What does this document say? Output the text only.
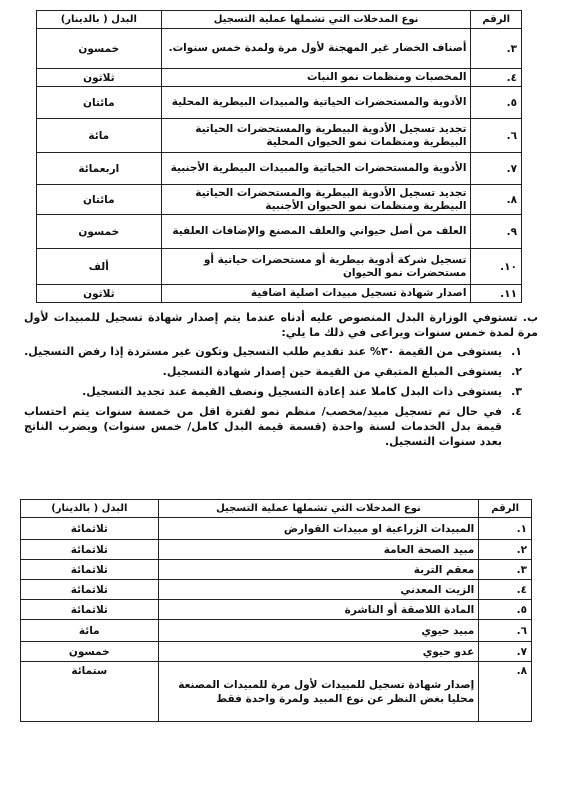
الرقم	نوع المدخلات التي تشملها عملية التسجيل	البدل ( بالدينار)
٣.	أصناف الخضار غير المهجنة لأول مرة ولمدة خمس سنوات.	خمسون
٤.	المخصبات ومنظمات نمو النبات	ثلاثون
٥.	الأدوية والمستحضرات الحياتية والمبيدات البيطرية المحلية	مائتان
٦.	تجديد تسجيل الأدوية البيطرية والمستحضرات الحياتية البيطرية ومنظمات نمو الحيوان المحلية	مائة
٧.	الأدوية والمستحضرات الحياتية والمبيدات البيطرية الأجنبية	اربعمائة
٨.	تجديد تسجيل الأدوية البيطرية والمستحضرات الحياتية البيطرية ومنظمات نمو الحيوان الأجنبية	مائتان
٩.	العلف من أصل حيواني والعلف المصنع والإضافات العلفية	خمسون
١٠.	تسجيل شركة أدوية بيطرية أو مستحضرات حياتية أو مستحضرات نمو الحيوان	ألف
١١.	اصدار شهادة تسجيل مبيدات اصلية اضافية	ثلاثون

ب. تستوفي الوزارة البدل المنصوص عليه أدناه عندما يتم إصدار شهادة تسجيل للمبيدات لأول مرة لمدة خمس سنوات ويراعى في ذلك ما يلي:

١.
يستوفى من القيمة ٣٠% عند تقديم طلب التسجيل وتكون غير مستردة إذا رفض التسجيل.
٢.
يستوفى المبلغ المتبقي من القيمة حين إصدار شهادة التسجيل.
٣.
يستوفى ذات البدل كاملا عند إعادة التسجيل ونصف القيمة عند تجديد التسجيل.
٤.
في حال تم تسجيل مبيد/مخصب/ منظم نمو لفترة اقل من خمسة سنوات يتم احتساب قيمة بدل الخدمات لسنة واحدة (قسمة قيمة البدل كامل/ خمس سنوات) ويضرب الناتج بعدد سنوات التسجيل.
الرقم	نوع المدخلات التي تشملها عملية التسجيل	البدل ( بالدينار)
١.	المبيدات الزراعية او مبيدات القوارض	ثلاثمائة
٢.	مبيد الصحة العامة	ثلاثمائة
٣.	معقم التربة	ثلاثمائة
٤.	الزيت المعدني	ثلاثمائة
٥.	المادة اللاصقة أو الناشرة	ثلاثمائة
٦.	مبيد حيوي	مائة
٧.	عدو حيوي	خمسون
٨.	إصدار شهادة تسجيل للمبيدات لأول مرة للمبيدات المصنعة محليا بغض النظر عن نوع المبيد ولمرة واحدة فقط	ستمائة
